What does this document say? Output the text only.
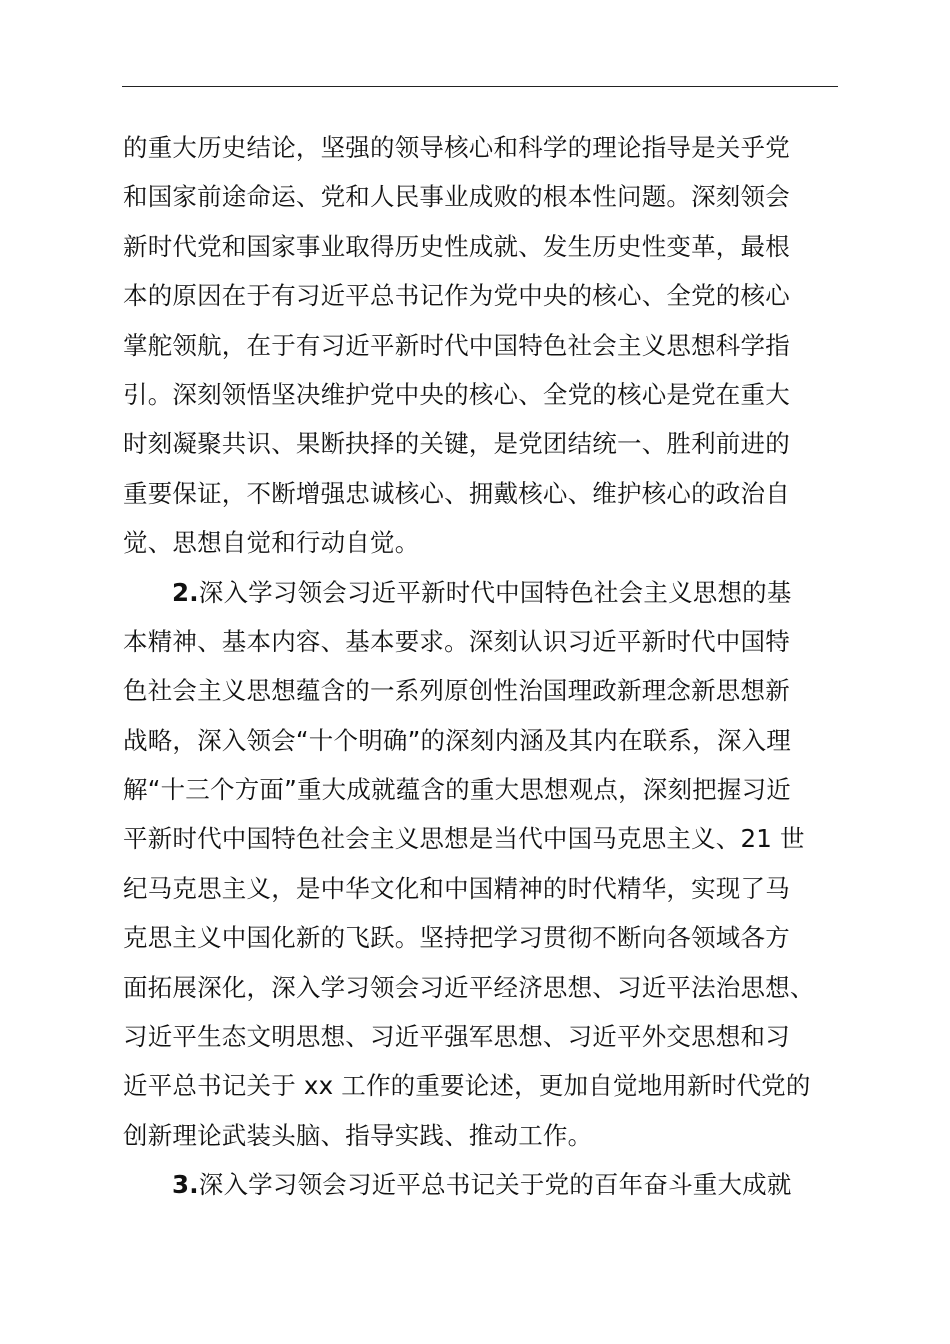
的重大历史结论，坚强的领导核心和科学的理论指导是关乎党
和国家前途命运、党和人民事业成败的根本性问题。深刻领会
新时代党和国家事业取得历史性成就、发生历史性变革，最根
本的原因在于有习近平总书记作为党中央的核心、全党的核心
掌舵领航，在于有习近平新时代中国特色社会主义思想科学指
引。深刻领悟坚决维护党中央的核心、全党的核心是党在重大
时刻凝聚共识、果断抉择的关键，是党团结统一、胜利前进的
重要保证，不断增强忠诚核心、拥戴核心、维护核心的政治自
觉、思想自觉和行动自觉。
2.深入学习领会习近平新时代中国特色社会主义思想的基
本精神、基本内容、基本要求。深刻认识习近平新时代中国特
色社会主义思想蕴含的一系列原创性治国理政新理念新思想新
战略，深入领会“十个明确”的深刻内涵及其内在联系，深入理
解“十三个方面”重大成就蕴含的重大思想观点，深刻把握习近
平新时代中国特色社会主义思想是当代中国马克思主义、21 世
纪马克思主义，是中华文化和中国精神的时代精华，实现了马
克思主义中国化新的飞跃。坚持把学习贯彻不断向各领域各方
面拓展深化，深入学习领会习近平经济思想、习近平法治思想、
习近平生态文明思想、习近平强军思想、习近平外交思想和习
近平总书记关于 xx 工作的重要论述，更加自觉地用新时代党的
创新理论武装头脑、指导实践、推动工作。
3.深入学习领会习近平总书记关于党的百年奋斗重大成就
